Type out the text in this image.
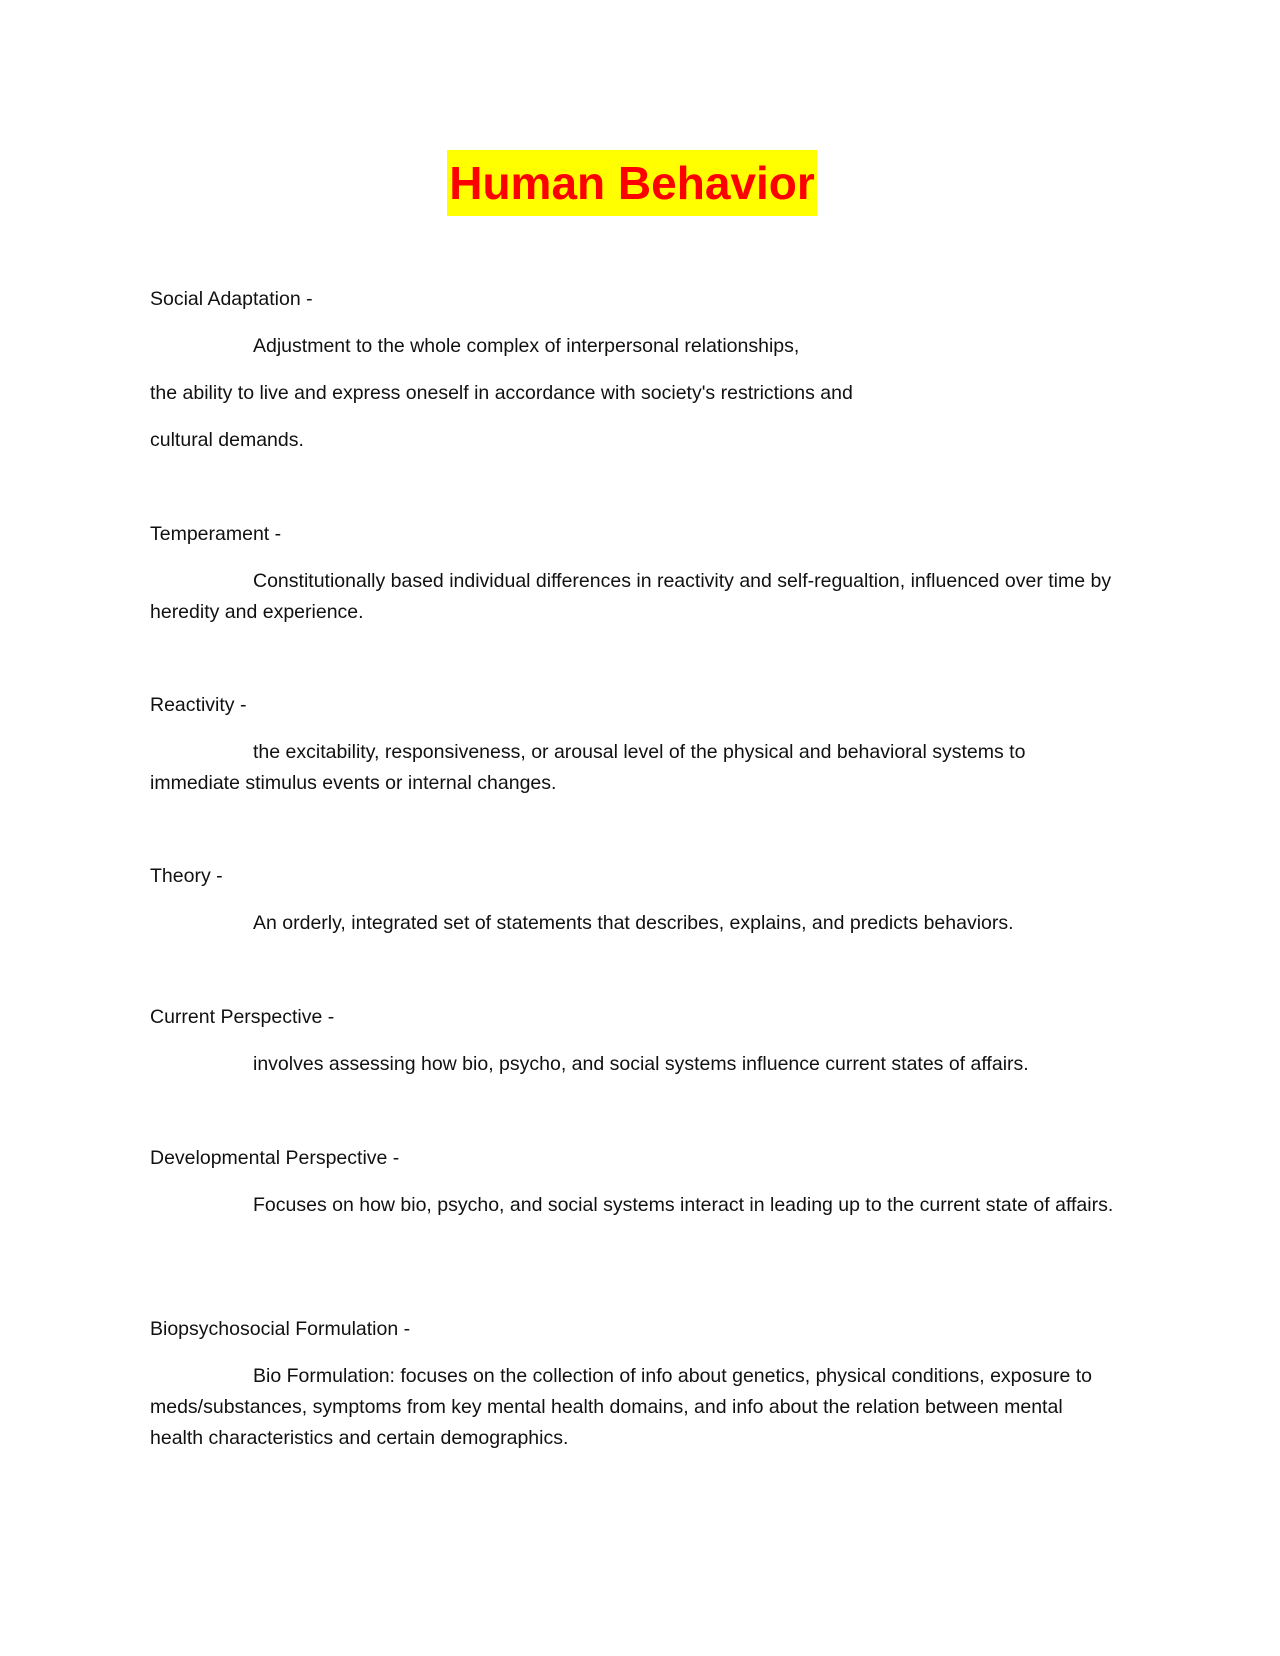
Human Behavior
Social Adaptation -
Adjustment to the whole complex of interpersonal relationships,
the ability to live and express oneself in accordance with society's restrictions and
cultural demands.
Temperament -
Constitutionally based individual differences in reactivity and self-regualtion, influenced over time by heredity and experience.
Reactivity -
the excitability, responsiveness, or arousal level of the physical and behavioral systems to immediate stimulus events or internal changes.
Theory -
An orderly, integrated set of statements that describes, explains, and predicts behaviors.
Current Perspective -
involves assessing how bio, psycho, and social systems influence current states of affairs.
Developmental Perspective -
Focuses on how bio, psycho, and social systems interact in leading up to the current state of affairs.
Biopsychosocial Formulation -
Bio Formulation: focuses on the collection of info about genetics, physical conditions, exposure to meds/substances, symptoms from key mental health domains, and info about the relation between mental health characteristics and certain demographics.
